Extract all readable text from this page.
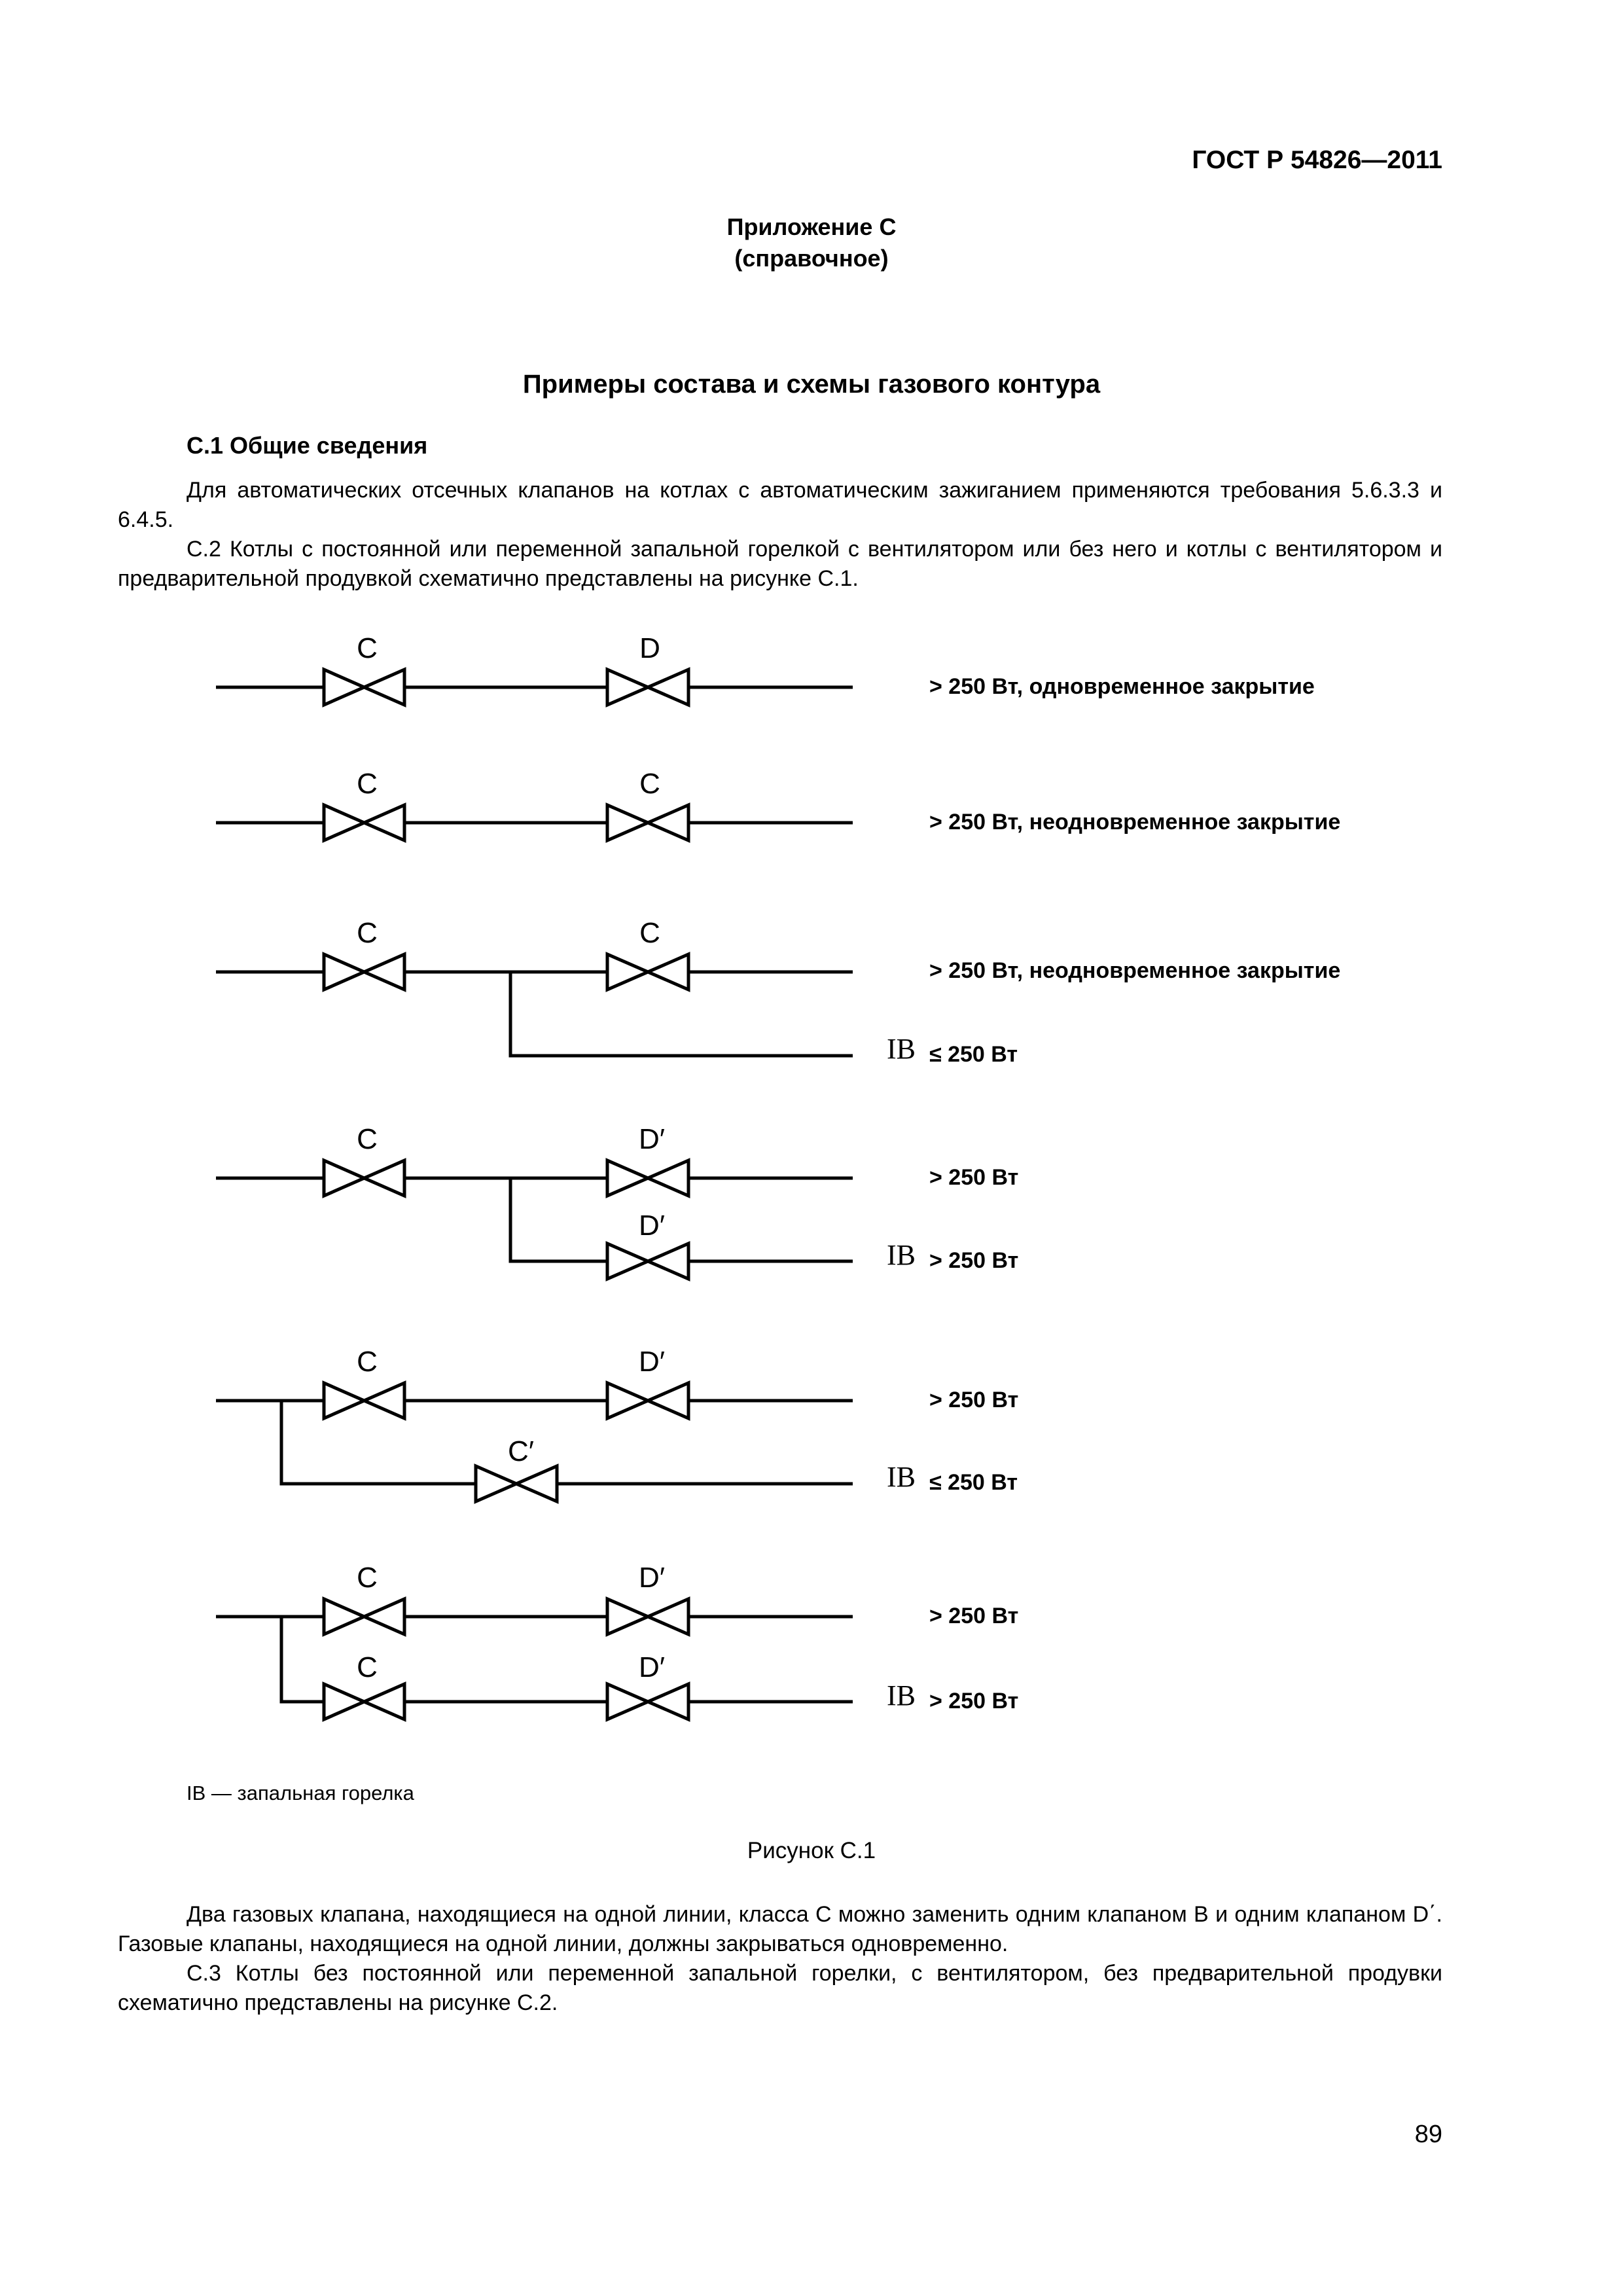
ГОСТ Р 54826—2011
Приложение С
(справочное)
Примеры состава и схемы газового контура
С.1 Общие сведения

Для автоматических отсечных клапанов на котлах с автоматическим зажиганием применяются требования 5.6.3.3 и 6.4.5.

С.2 Котлы с постоянной или переменной запальной горелкой с вентилятором или без него и котлы с вентилятором и предварительной продувкой схематично представлены на рисунке С.1.

C	D
> 250 Вт, одновременное закрытие
C	C
> 250 Вт, неодновременное закрытие
C	C
> 250 Вт, неодновременное закрытие
IB ≤ 250 Вт
C	D′
D′
> 250 Вт
IB > 250 Вт
C	D′
C′
> 250 Вт
IB ≤ 250 Вт
C	D′
C	D′
> 250 Вт
IB > 250 Вт
IB — запальная горелка
Рисунок С.1

Два газовых клапана, находящиеся на одной линии, класса С можно заменить одним клапаном В и одним клапаном D΄. Газовые клапаны, находящиеся на одной линии, должны закрываться одновременно.

С.3 Котлы без постоянной или переменной запальной горелки, с вентилятором, без предварительной продувки схематично представлены на рисунке С.2.

89
